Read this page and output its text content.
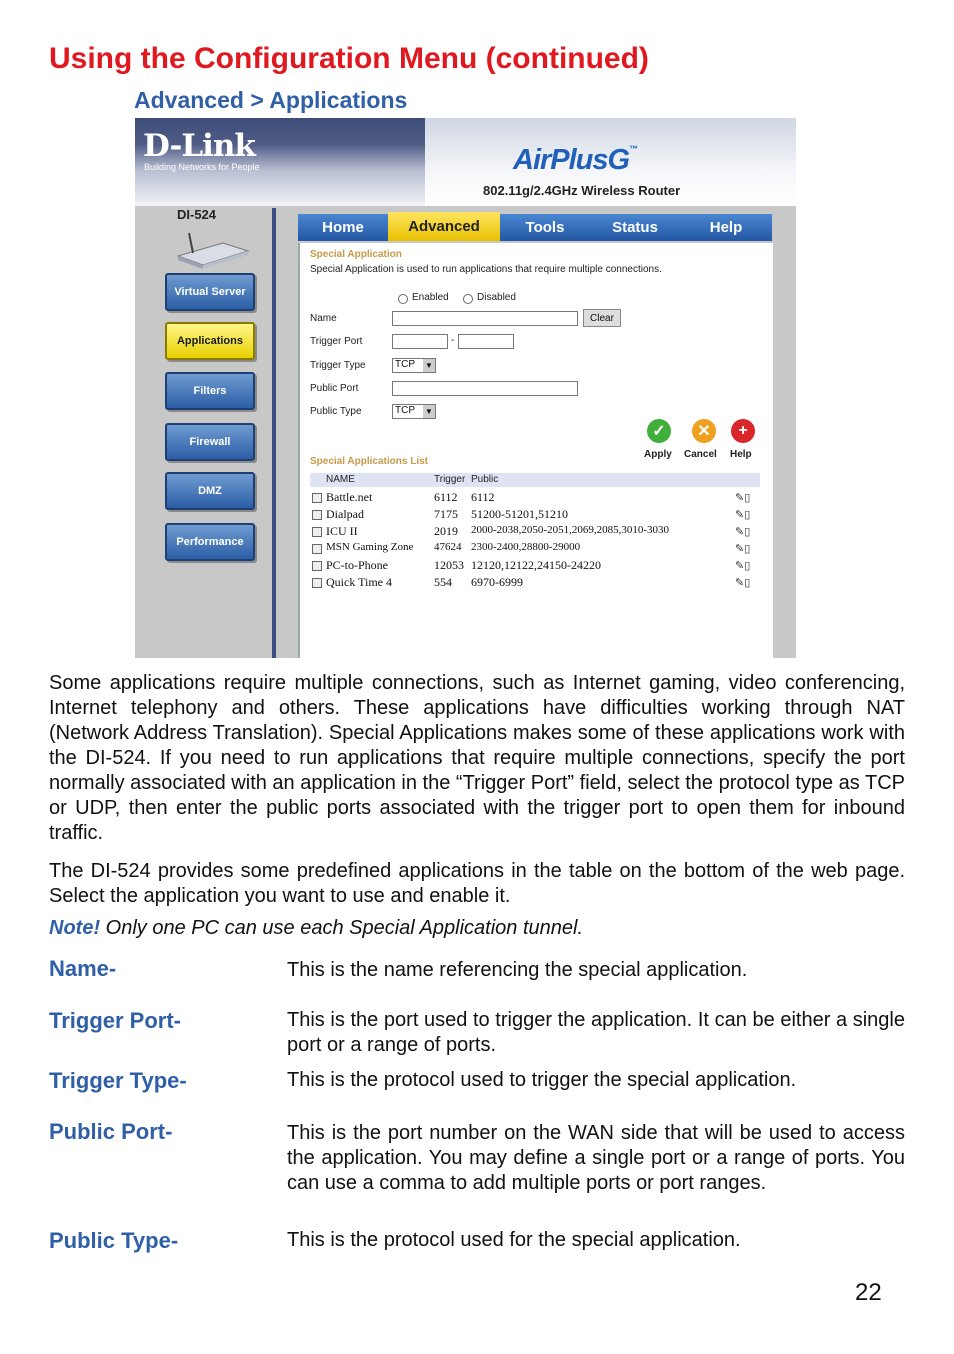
Using the Configuration Menu (continued)
Advanced > Applications
D-Link
Building Networks for People	AirPlusG™
802.11g/2.4GHz Wireless Router
DI-524
Virtual Server
Applications
Filters
Firewall
DMZ
Performance
Home	Advanced	Tools	Status	Help
Special Application
Special Application is used to run applications that require multiple connections.
Enabled	Disabled
Name	Clear
Trigger Port	-
Trigger Type	TCP ▼
Public Port
Public Type	TCP ▼
✓
Apply
✕
Cancel
+
Help
Special Applications List
NAME	Trigger Public
Battle.net	6112 6112	✎▯
Dialpad	7175 51200-51201,51210	✎▯
ICU II	2019 2000-2038,2050-2051,2069,2085,3010-3030	✎▯
MSN Gaming Zone 47624 2300-2400,28800-29000	✎▯
PC-to-Phone	12053 12120,12122,24150-24220	✎▯
Quick Time 4	554 6970-6999	✎▯
Some applications require multiple connections, such as Internet gaming, video conferencing, Internet telephony and others. These applications have difficulties working through NAT (Network Address Translation). Special Applications makes some of these applications work with the DI-524. If you need to run applications that require multiple connections, specify the port normally associated with an application in the “Trigger Port” field, select the protocol type as TCP or UDP, then enter the public ports associated with the trigger port to open them for inbound traffic.
The DI-524 provides some predefined applications in the table on the bottom of the web page. Select the application you want to use and enable it.
Note! Only one PC can use each Special Application tunnel.
Name-	This is the name referencing the special application.
Trigger Port-	This is the port used to trigger the application. It can be either a single port or a range of ports.
Trigger Type-	This is the protocol used to trigger the special application.
Public Port-	This is the port number on the WAN side that will be used to access the application. You may define a single port or a range of ports. You can use a comma to add multiple ports or port ranges.
Public Type-	This is the protocol used for the special application.
22
